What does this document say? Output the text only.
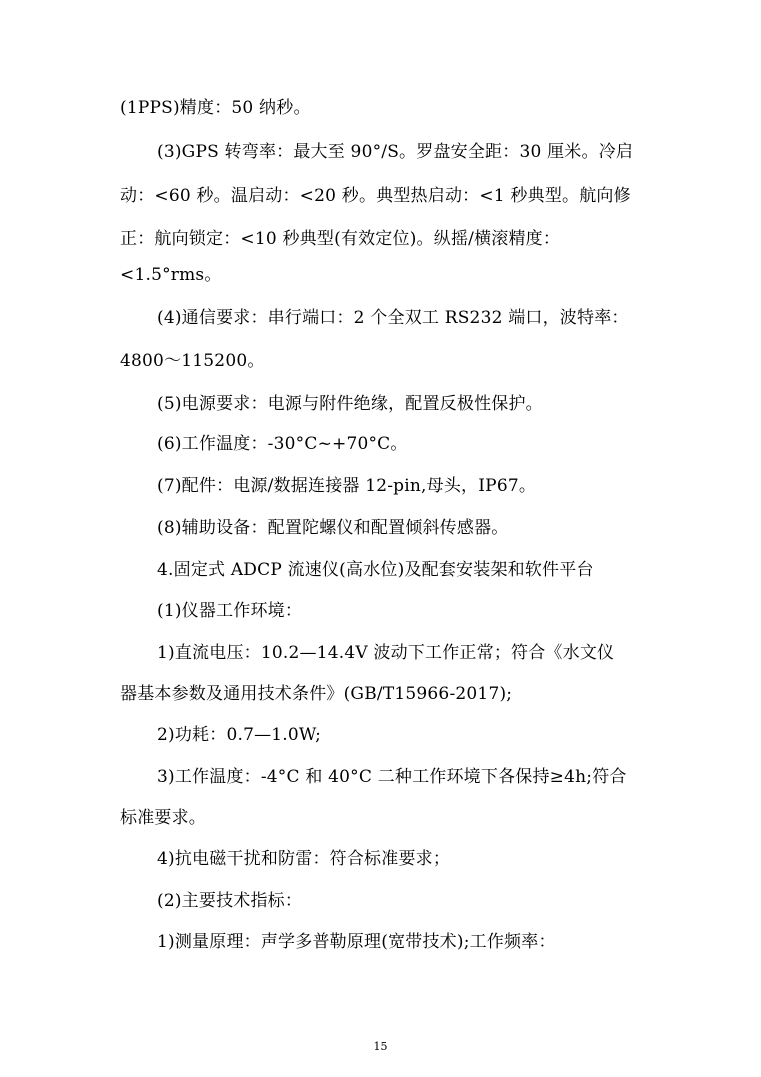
(1PPS)精度：50 纳秒。
(3)GPS 转弯率：最大至 90°/S。罗盘安全距：30 厘米。冷启
动：<60 秒。温启动：<20 秒。典型热启动：<1 秒典型。航向修
正：航向锁定：<10 秒典型(有效定位)。纵摇/横滚精度：
<1.5°rms。
(4)通信要求：串行端口：2 个全双工 RS232 端口，波特率：
4800～115200。
(5)电源要求：电源与附件绝缘，配置反极性保护。
(6)工作温度：-30°C~+70°C。
(7)配件：电源/数据连接器 12-pin,母头，IP67。
(8)辅助设备：配置陀螺仪和配置倾斜传感器。
4.固定式 ADCP 流速仪(高水位)及配套安装架和软件平台
(1)仪器工作环境：
1)直流电压：10.2—14.4V 波动下工作正常；符合《水文仪
器基本参数及通用技术条件》(GB/T15966-2017);
2)功耗：0.7—1.0W;
3)工作温度：-4°C 和 40°C 二种工作环境下各保持≥4h;符合
标准要求。
4)抗电磁干扰和防雷：符合标准要求；
(2)主要技术指标：
1)测量原理：声学多普勒原理(宽带技术);工作频率：
15
